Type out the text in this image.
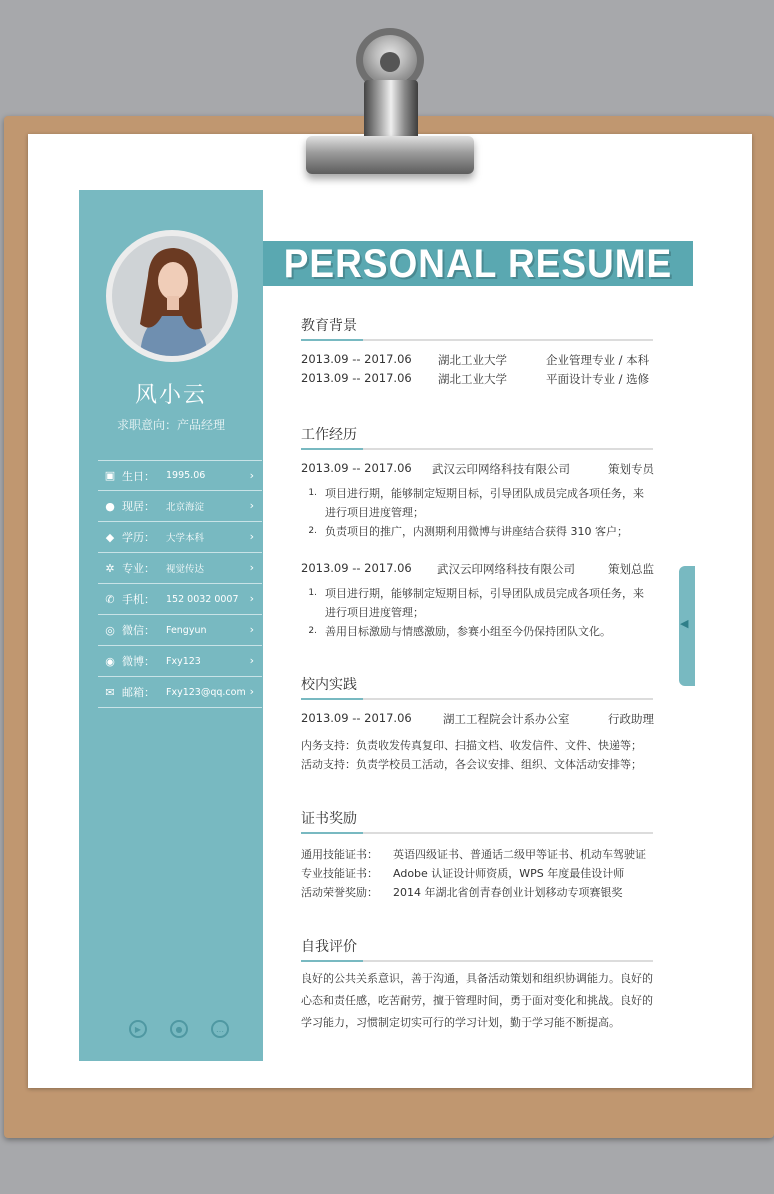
风小云
求职意向：产品经理
▣ 生日：	1995.06	›
● 现居：	北京海淀	›
◆ 学历：	大学本科	›
✲ 专业：	视觉传达	›
✆ 手机：	152 0032 0007 ›
◎ 微信：	Fengyun	›
◉ 微博：	Fxy123	›
✉ 邮箱：	Fxy123@qq.com ›
▶	●	…
PERSONAL RESUME
教育背景
2013.09 -- 2017.06 湖北工业大学	企业管理专业 / 本科
2013.09 -- 2017.06 湖北工业大学	平面设计专业 / 选修
工作经历
2013.09 -- 2017.06 武汉云印网络科技有限公司	策划专员
1. 项目进行期，能够制定短期目标，引导团队成员完成各项任务，来进行项目进度管理；
2. 负责项目的推广，内测期利用微博与讲座结合获得 310 客户；
2013.09 -- 2017.06 武汉云印网络科技有限公司	策划总监
1. 项目进行期，能够制定短期目标，引导团队成员完成各项任务，来进行项目进度管理；
2. 善用目标激励与情感激励，参赛小组至今仍保持团队文化。
校内实践
2013.09 -- 2017.06	湖工工程院会计系办公室	行政助理
内务支持：负责收发传真复印、扫描文档、收发信件、文件、快递等；
活动支持：负责学校员工活动，各会议安排、组织、文体活动安排等；
证书奖励
通用技能证书： 英语四级证书、普通话二级甲等证书、机动车驾驶证
专业技能证书： Adobe 认证设计师资质，WPS 年度最佳设计师
活动荣誉奖励： 2014 年湖北省创青春创业计划移动专项赛银奖
自我评价
良好的公共关系意识，善于沟通，具备活动策划和组织协调能力。良好的心态和责任感，吃苦耐劳，擅于管理时间，勇于面对变化和挑战。良好的学习能力，习惯制定切实可行的学习计划，勤于学习能不断提高。
◀
